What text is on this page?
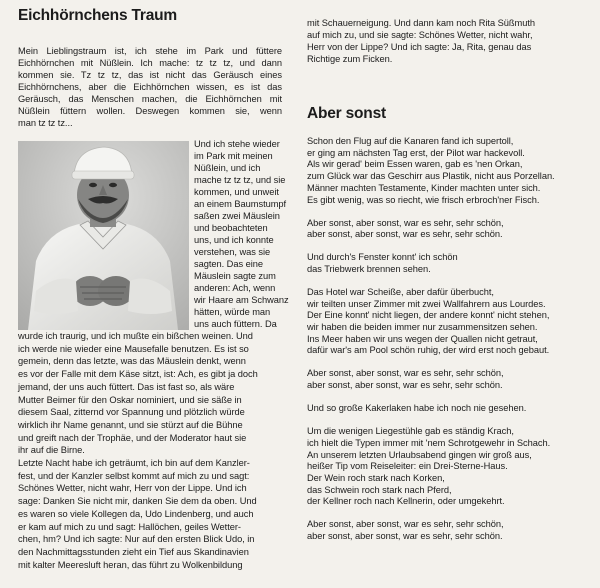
Eichhörnchens Traum

Mein Lieblingstraum ist, ich stehe im Park und füttere

Eichhörnchen mit Nüßlein. Ich mache: tz tz tz, und dann

kommen sie. Tz tz tz, das ist nicht das Geräusch eines

Eichhörnchens, aber die Eichhörnchen wissen, es ist das

Geräusch, das Menschen machen, die Eichhörnchen mit

Nüßlein füttern wollen. Deswegen kommen sie, wenn

man tz tz tz...

Und ich stehe wieder

im Park mit meinen

Nüßlein, und ich

mache tz tz tz, und sie

kommen, und unweit

an einem Baumstumpf

saßen zwei Mäuslein

und beobachteten

uns, und ich konnte

verstehen, was sie

sagten. Das eine

Mäuslein sagte zum

anderen: Ach, wenn

wir Haare am Schwanz

hätten, würde man

uns auch füttern. Da

wurde ich traurig, und ich mußte ein bißchen weinen. Und

ich werde nie wieder eine Mausefalle benutzen. Es ist so

gemein, denn das letzte, was das Mäuslein denkt, wenn

es vor der Falle mit dem Käse sitzt, ist: Ach, es gibt ja doch

jemand, der uns auch füttert. Das ist fast so, als wäre

Mutter Beimer für den Oskar nominiert, und sie säße in

diesem Saal, zitternd vor Spannung und plötzlich würde

wirklich ihr Name genannt, und sie stürzt auf die Bühne

und greift nach der Trophäe, und der Moderator haut sie

ihr auf die Birne.

Letzte Nacht habe ich geträumt, ich bin auf dem Kanzler-

fest, und der Kanzler selbst kommt auf mich zu und sagt:

Schönes Wetter, nicht wahr, Herr von der Lippe. Und ich

sage: Danken Sie nicht mir, danken Sie dem da oben. Und

es waren so viele Kollegen da, Udo Lindenberg, und auch

er kam auf mich zu und sagt: Hallöchen, geiles Wetter-

chen, hm? Und ich sagte: Nur auf den ersten Blick Udo, in

den Nachmittagsstunden zieht ein Tief aus Skandinavien

mit kalter Meeresluft heran, das führt zu Wolkenbildung

mit Schauerneigung. Und dann kam noch Rita Süßmuth

auf mich zu, und sie sagte: Schönes Wetter, nicht wahr,

Herr von der Lippe? Und ich sagte: Ja, Rita, genau das

Richtige zum Ficken.

Aber sonst

Schon den Flug auf die Kanaren fand ich supertoll,

er ging am nächsten Tag erst, der Pilot war hackevoll.

Als wir gerad' beim Essen waren, gab es 'nen Orkan,

zum Glück war das Geschirr aus Plastik, nicht aus Porzellan.

Männer machten Testamente, Kinder machten unter sich.

Es gibt wenig, was so riecht, wie frisch erbroch'ner Fisch.

Aber sonst, aber sonst, war es sehr, sehr schön,

aber sonst, aber sonst, war es sehr, sehr schön.

Und durch's Fenster konnt' ich schön

das Triebwerk brennen sehen.

Das Hotel war Scheiße, aber dafür überbucht,

wir teilten unser Zimmer mit zwei Wallfahrern aus Lourdes.

Der Eine konnt' nicht liegen, der andere konnt' nicht stehen,

wir haben die beiden immer nur zusammensitzen sehen.

Ins Meer haben wir uns wegen der Quallen nicht getraut,

dafür war's am Pool schön ruhig, der wird erst noch gebaut.

Aber sonst, aber sonst, war es sehr, sehr schön,

aber sonst, aber sonst, war es sehr, sehr schön.

Und so große Kakerlaken habe ich noch nie gesehen.

Um die wenigen Liegestühle gab es ständig Krach,

ich hielt die Typen immer mit 'nem Schrotgewehr in Schach.

An unserem letzten Urlaubsabend gingen wir groß aus,

heißer Tip vom Reiseleiter: ein Drei-Sterne-Haus.

Der Wein roch stark nach Korken,

das Schwein roch stark nach Pferd,

der Kellner roch nach Kellnerin, oder umgekehrt.

Aber sonst, aber sonst, war es sehr, sehr schön,

aber sonst, aber sonst, war es sehr, sehr schön.
